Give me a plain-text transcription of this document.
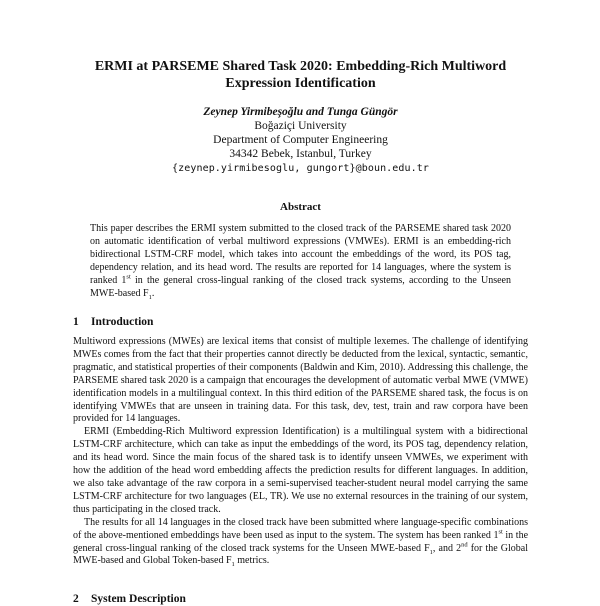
ERMI at PARSEME Shared Task 2020: Embedding-Rich Multiword
Expression Identification
Zeynep Yirmibeşoğlu and Tunga Güngör
Boğaziçi University
Department of Computer Engineering
34342 Bebek, Istanbul, Turkey
{zeynep.yirmibesoglu, gungort}@boun.edu.tr
Abstract
This paper describes the ERMI system submitted to the closed track of the PARSEME shared task 2020 on automatic identification of verbal multiword expressions (VMWEs). ERMI is an embedding-rich bidirectional LSTM-CRF model, which takes into account the embeddings of the word, its POS tag, dependency relation, and its head word. The results are reported for 14 languages, where the system is ranked 1st in the general cross-lingual ranking of the closed track systems, according to the Unseen MWE-based $F_1$.
1 Introduction

Multiword expressions (MWEs) are lexical items that consist of multiple lexemes. The challenge of identifying MWEs comes from the fact that their properties cannot directly be deducted from the lexical, syntactic, semantic, pragmatic, and statistical properties of their components (Baldwin and Kim, 2010). Addressing this challenge, the PARSEME shared task 2020 is a campaign that encourages the development of automatic verbal MWE (VMWE) identification models in a multilingual context. In this third edition of the PARSEME shared task, the focus is on identifying VMWEs that are unseen in training data. For this task, dev, test, train and raw corpora have been provided for 14 languages.

ERMI (Embedding-Rich Multiword expression Identification) is a multilingual system with a bidirectional LSTM-CRF architecture, which can take as input the embeddings of the word, its POS tag, dependency relation, and its head word. Since the main focus of the shared task is to identify unseen VMWEs, we experiment with how the addition of the head word embedding affects the prediction results for different languages. In addition, we also take advantage of the raw corpora in a semi-supervised teacher-student neural model carrying the same LSTM-CRF architecture for two languages (EL, TR). We use no external resources in the training of our system, thus participating in the closed track.

The results for all 14 languages in the closed track have been submitted where language-specific combinations of the above-mentioned embeddings have been used as input to the system. The system has been ranked 1st in the general cross-lingual ranking of the closed track systems for the Unseen MWE-based $F_1$, and 2nd for the Global MWE-based and Global Token-based $F_1$ metrics.

2 System Description
